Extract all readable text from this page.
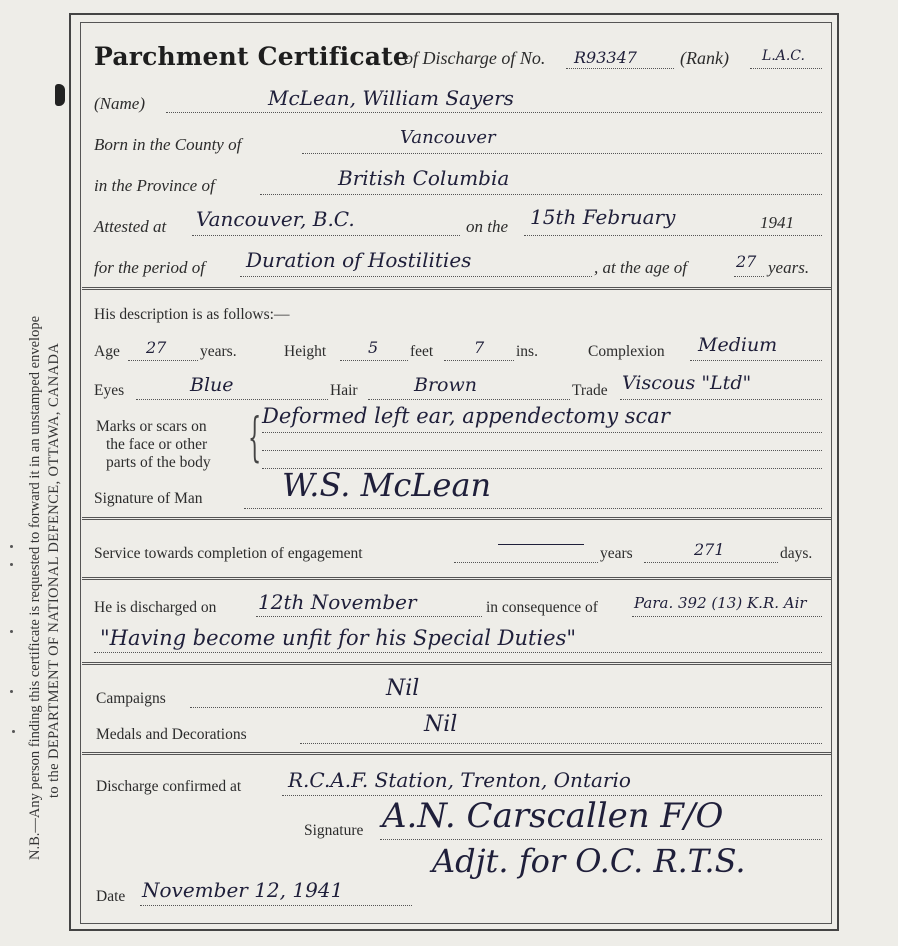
N.B.—Any person finding this certificate is requested to forward it in an unstamped envelope to the DEPARTMENT OF NATIONAL DEFENCE, OTTAWA, CANADA
Parchment Certificate
of Discharge of No. R93347 (Rank) L.A.C.
(Name)	McLean, William Sayers
Born in the County of	Vancouver
in the Province of	British Columbia
Attested at Vancouver, B.C.	on the 15th February	1941
for the period of Duration of Hostilities	, at the age of	27 years.
His description is as follows:—
Age 27 years.	Height	5 feet	7 ins.	Complexion Medium
Eyes	Blue	Hair	Brown	Trade Viscous "Ltd"
Marks or scars on
the face or other
parts of the body { Deformed left ear, appendectomy scar
Signature of Man W.S. McLean
Service towards completion of engagement	years	271	days.
He is discharged on 12th November	in consequence of Para. 392 (13) K.R. Air
"Having become unfit for his Special Duties"
Campaigns	Nil
Medals and Decorations	Nil
Discharge confirmed at R.C.A.F. Station, Trenton, Ontario
Signature A.N. Carscallen F/O
Adjt. for O.C. R.T.S.
Date November 12, 1941
